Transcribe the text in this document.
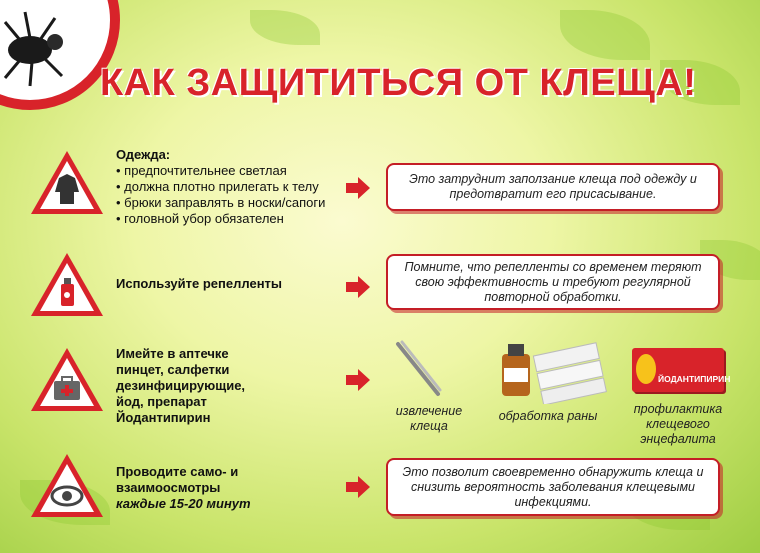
КАК ЗАЩИТИТЬСЯ ОТ КЛЕЩА!
Одежда:
• предпочтительнее светлая
• должна плотно прилегать к телу
• брюки заправлять в носки/сапоги
• головной убор обязателен
Это затруднит заползание клеща под одежду и предотвратит его присасывание.
Используйте репелленты
Помните, что репелленты со временем теряют свою эффективность и требуют регулярной повторной обработки.
Имейте в аптечке
пинцет, салфетки
дезинфицирующие,
йод, препарат
Йодантипирин	извлечение клеща
обработка раны
ЙОДАНТИПИРИН
профилактика клещевого энцефалита
Проводите само- и
взаимоосмотры
каждые 15-20 минут
Это позволит своевременно обнаружить клеща и снизить вероятность заболевания клещевыми инфекциями.
